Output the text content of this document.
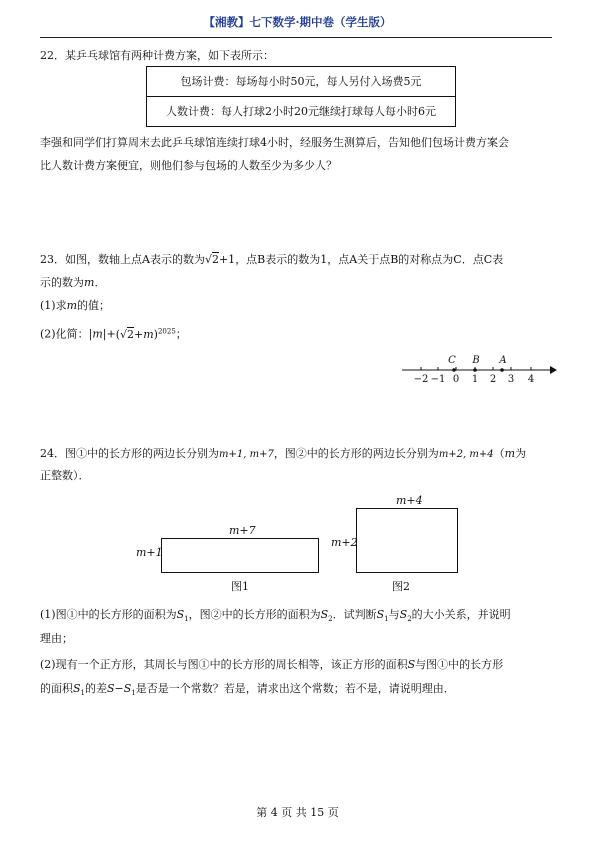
【湘教】七下数学·期中卷（学生版）
22．某乒乓球馆有两种计费方案，如下表所示：
包场计费：每场每小时50元，每人另付入场费5元
人数计费：每人打球2小时20元继续打球每人每小时6元
李强和同学们打算周末去此乒乓球馆连续打球4小时，经服务生测算后，告知他们包场计费方案会
比人数计费方案便宜，则他们参与包场的人数至少为多少人？
23．如图，数轴上点A表示的数为√2+1，点B表示的数为1，点A关于点B的对称点为C．点C表
示的数为m．
(1)求m的值；
(2)化简：$|m|+(√2+m)^{2025}$；
−2 −1 0 1 2 3 4
C B A
24．图①中的长方形的两边长分别为m+1, m+7，图②中的长方形的两边长分别为m+2, m+4（m为
正整数）．
m+7
m+1
图1
m+4
m+2
图2
(1)图①中的长方形的面积为$S_1$，图②中的长方形的面积为$S_2$．试判断$S_1$与$S_2$的大小关系，并说明
理由；
(2)现有一个正方形，其周长与图①中的长方形的周长相等，该正方形的面积S与图①中的长方形
的面积$S_1$的差$S-S_1$是否是一个常数？若是，请求出这个常数；若不是，请说明理由．
第 4 页 共 15 页
